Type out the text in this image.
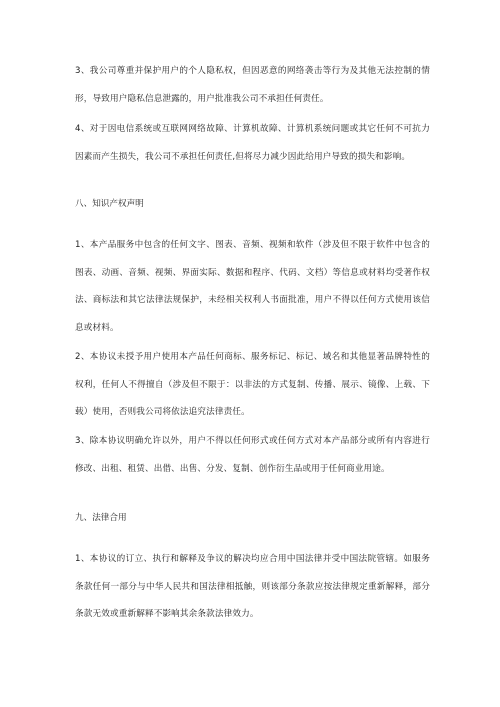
3、我公司尊重并保护用户的个人隐私权，但因恶意的网络袭击等行为及其他无法控制的情形，导致用户隐私信息泄露的，用户批准我公司不承担任何责任。

4、对于因电信系统或互联网网络故障、计算机故障、计算机系统问题或其它任何不可抗力因素而产生损失，我公司不承担任何责任,但将尽力减少因此给用户导致的损失和影响。

八、知识产权声明

1、本产品服务中包含的任何文字、图表、音频、视频和软件（涉及但不限于软件中包含的图表、动画、音频、视频、界面实际、数据和程序、代码、文档）等信息或材料均受著作权法、商标法和其它法律法规保护，未经相关权利人书面批准，用户不得以任何方式使用该信息或材料。

2、本协议未授予用户使用本产品任何商标、服务标记、标记、域名和其他显著品牌特性的权利，任何人不得擅自（涉及但不限于：以非法的方式复制、传播、展示、镜像、上载、下载）使用，否则我公司将依法追究法律责任。

3、除本协议明确允许以外，用户不得以任何形式或任何方式对本产品部分或所有内容进行修改、出租、租赁、出借、出售、分发、复制、创作衍生品或用于任何商业用途。

九、法律合用

1、本协议的订立、执行和解释及争议的解决均应合用中国法律并受中国法院管辖。如服务条款任何一部分与中华人民共和国法律相抵触，则该部分条款应按法律规定重新解释，部分条款无效或重新解释不影响其余条款法律效力。
